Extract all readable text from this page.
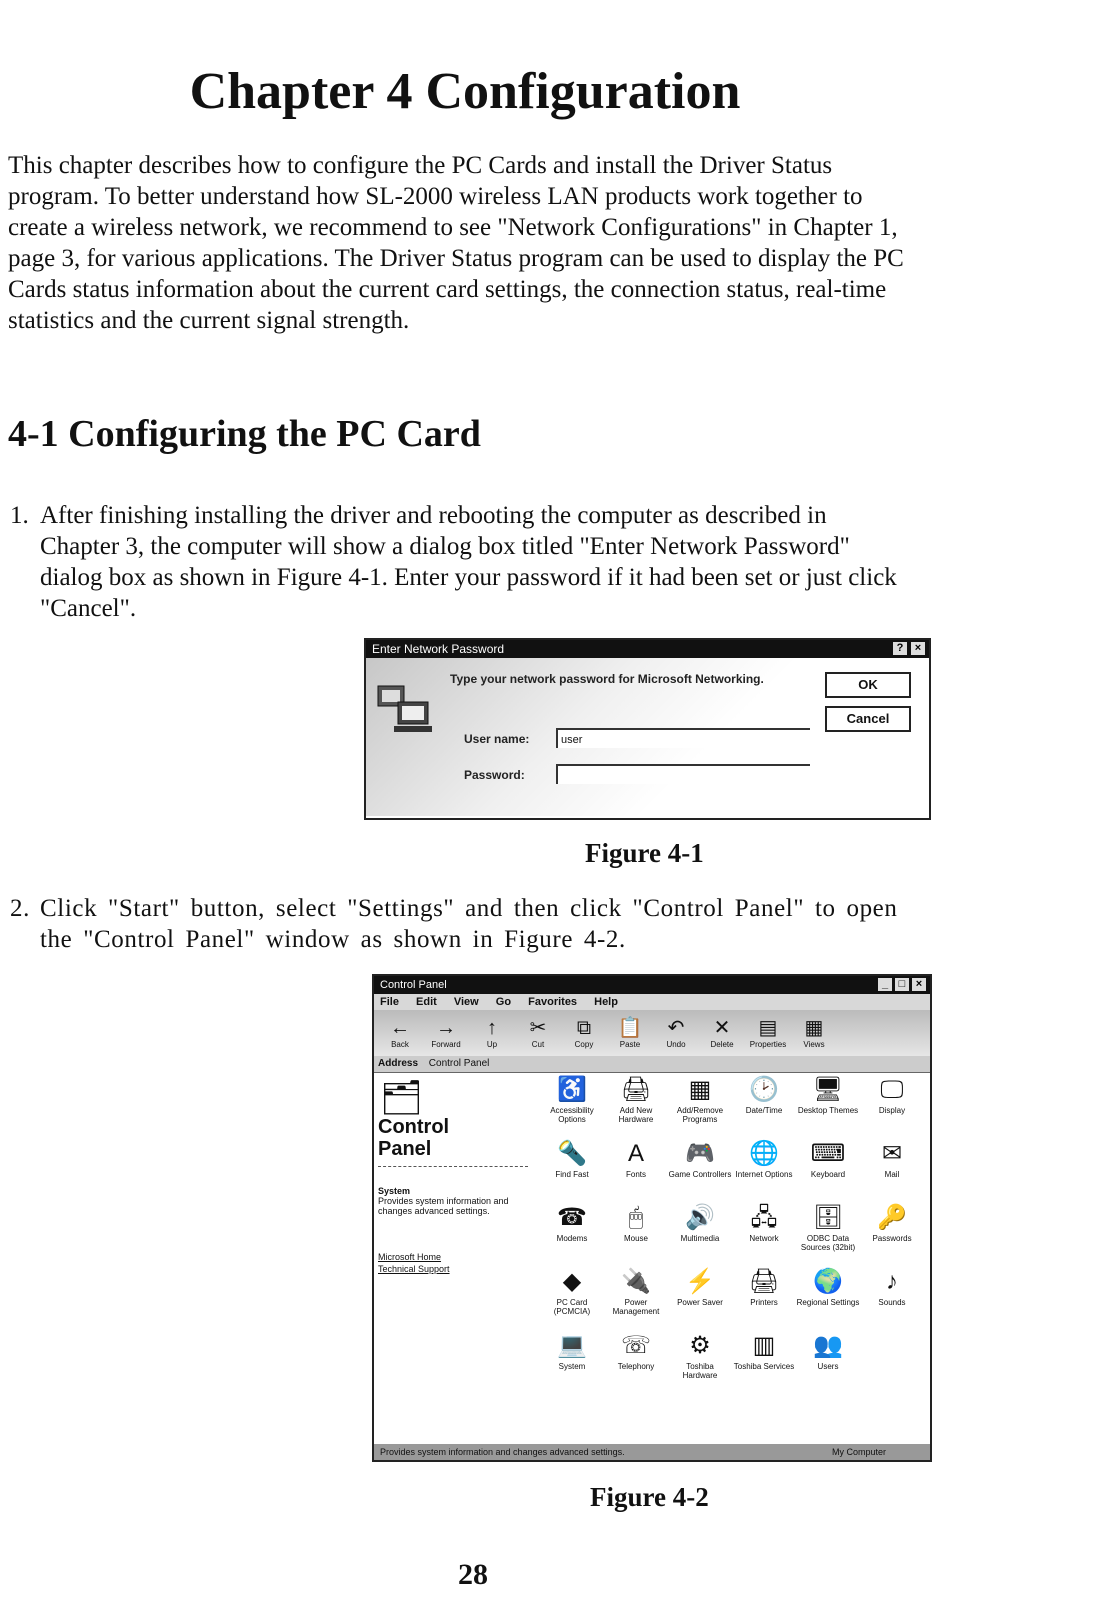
Chapter 4 Configuration

This chapter describes how to configure the PC Cards and install the Driver Status program. To better understand how SL-2000 wireless LAN products work together to create a wireless network, we recommend to see "Network Configurations" in Chapter 1, page 3, for various applications. The Driver Status program can be used to display the PC Cards status information about the current card settings, the connection status, real-time statistics and the current signal strength.

4-1 Configuring the PC Card
1. After finishing installing the driver and rebooting the computer as described in Chapter 3, the computer will show a dialog box titled "Enter Network Password" dialog box as shown in Figure 4-1. Enter your password if it had been set or just click "Cancel".
Enter Network Password	?	×
Type your network password for Microsoft Networking.
User name:	user
Password:
OK
Cancel
Figure 4-1
2. Click "Start" button, select "Settings" and then click "Control Panel" to open the "Control Panel" window as shown in Figure 4-2.
Control Panel	_ □ ×
File Edit View Go Favorites Help
←
Back
→
Forward
↑
Up
✂
Cut
⧉
Copy
📋
Paste
↶
Undo
✕
Delete
▤
Properties
▦
Views
Address Control Panel
🗂
Control
Panel
System
Provides system information and changes advanced settings.
Microsoft Home
Technical Support
♿
Accessibility Options
🖨
Add New Hardware
▦
Add/Remove Programs
🕑
Date/Time
🖥
Desktop Themes
🖵
Display
🔦
Find Fast
A
Fonts
🎮
Game Controllers
🌐
Internet Options
⌨
Keyboard
✉
Mail
☎
Modems
🖱
Mouse
🔊
Multimedia
🖧
Network
🗄
ODBC Data Sources (32bit)
🔑
Passwords
◆
PC Card (PCMCIA)
🔌
Power Management
⚡
Power Saver
🖨
Printers
🌍
Regional Settings
♪
Sounds
💻
System
☏
Telephony
⚙
Toshiba Hardware
▥
Toshiba Services
👥
Users
Provides system information and changes advanced settings.	My Computer
Figure 4-2
28
